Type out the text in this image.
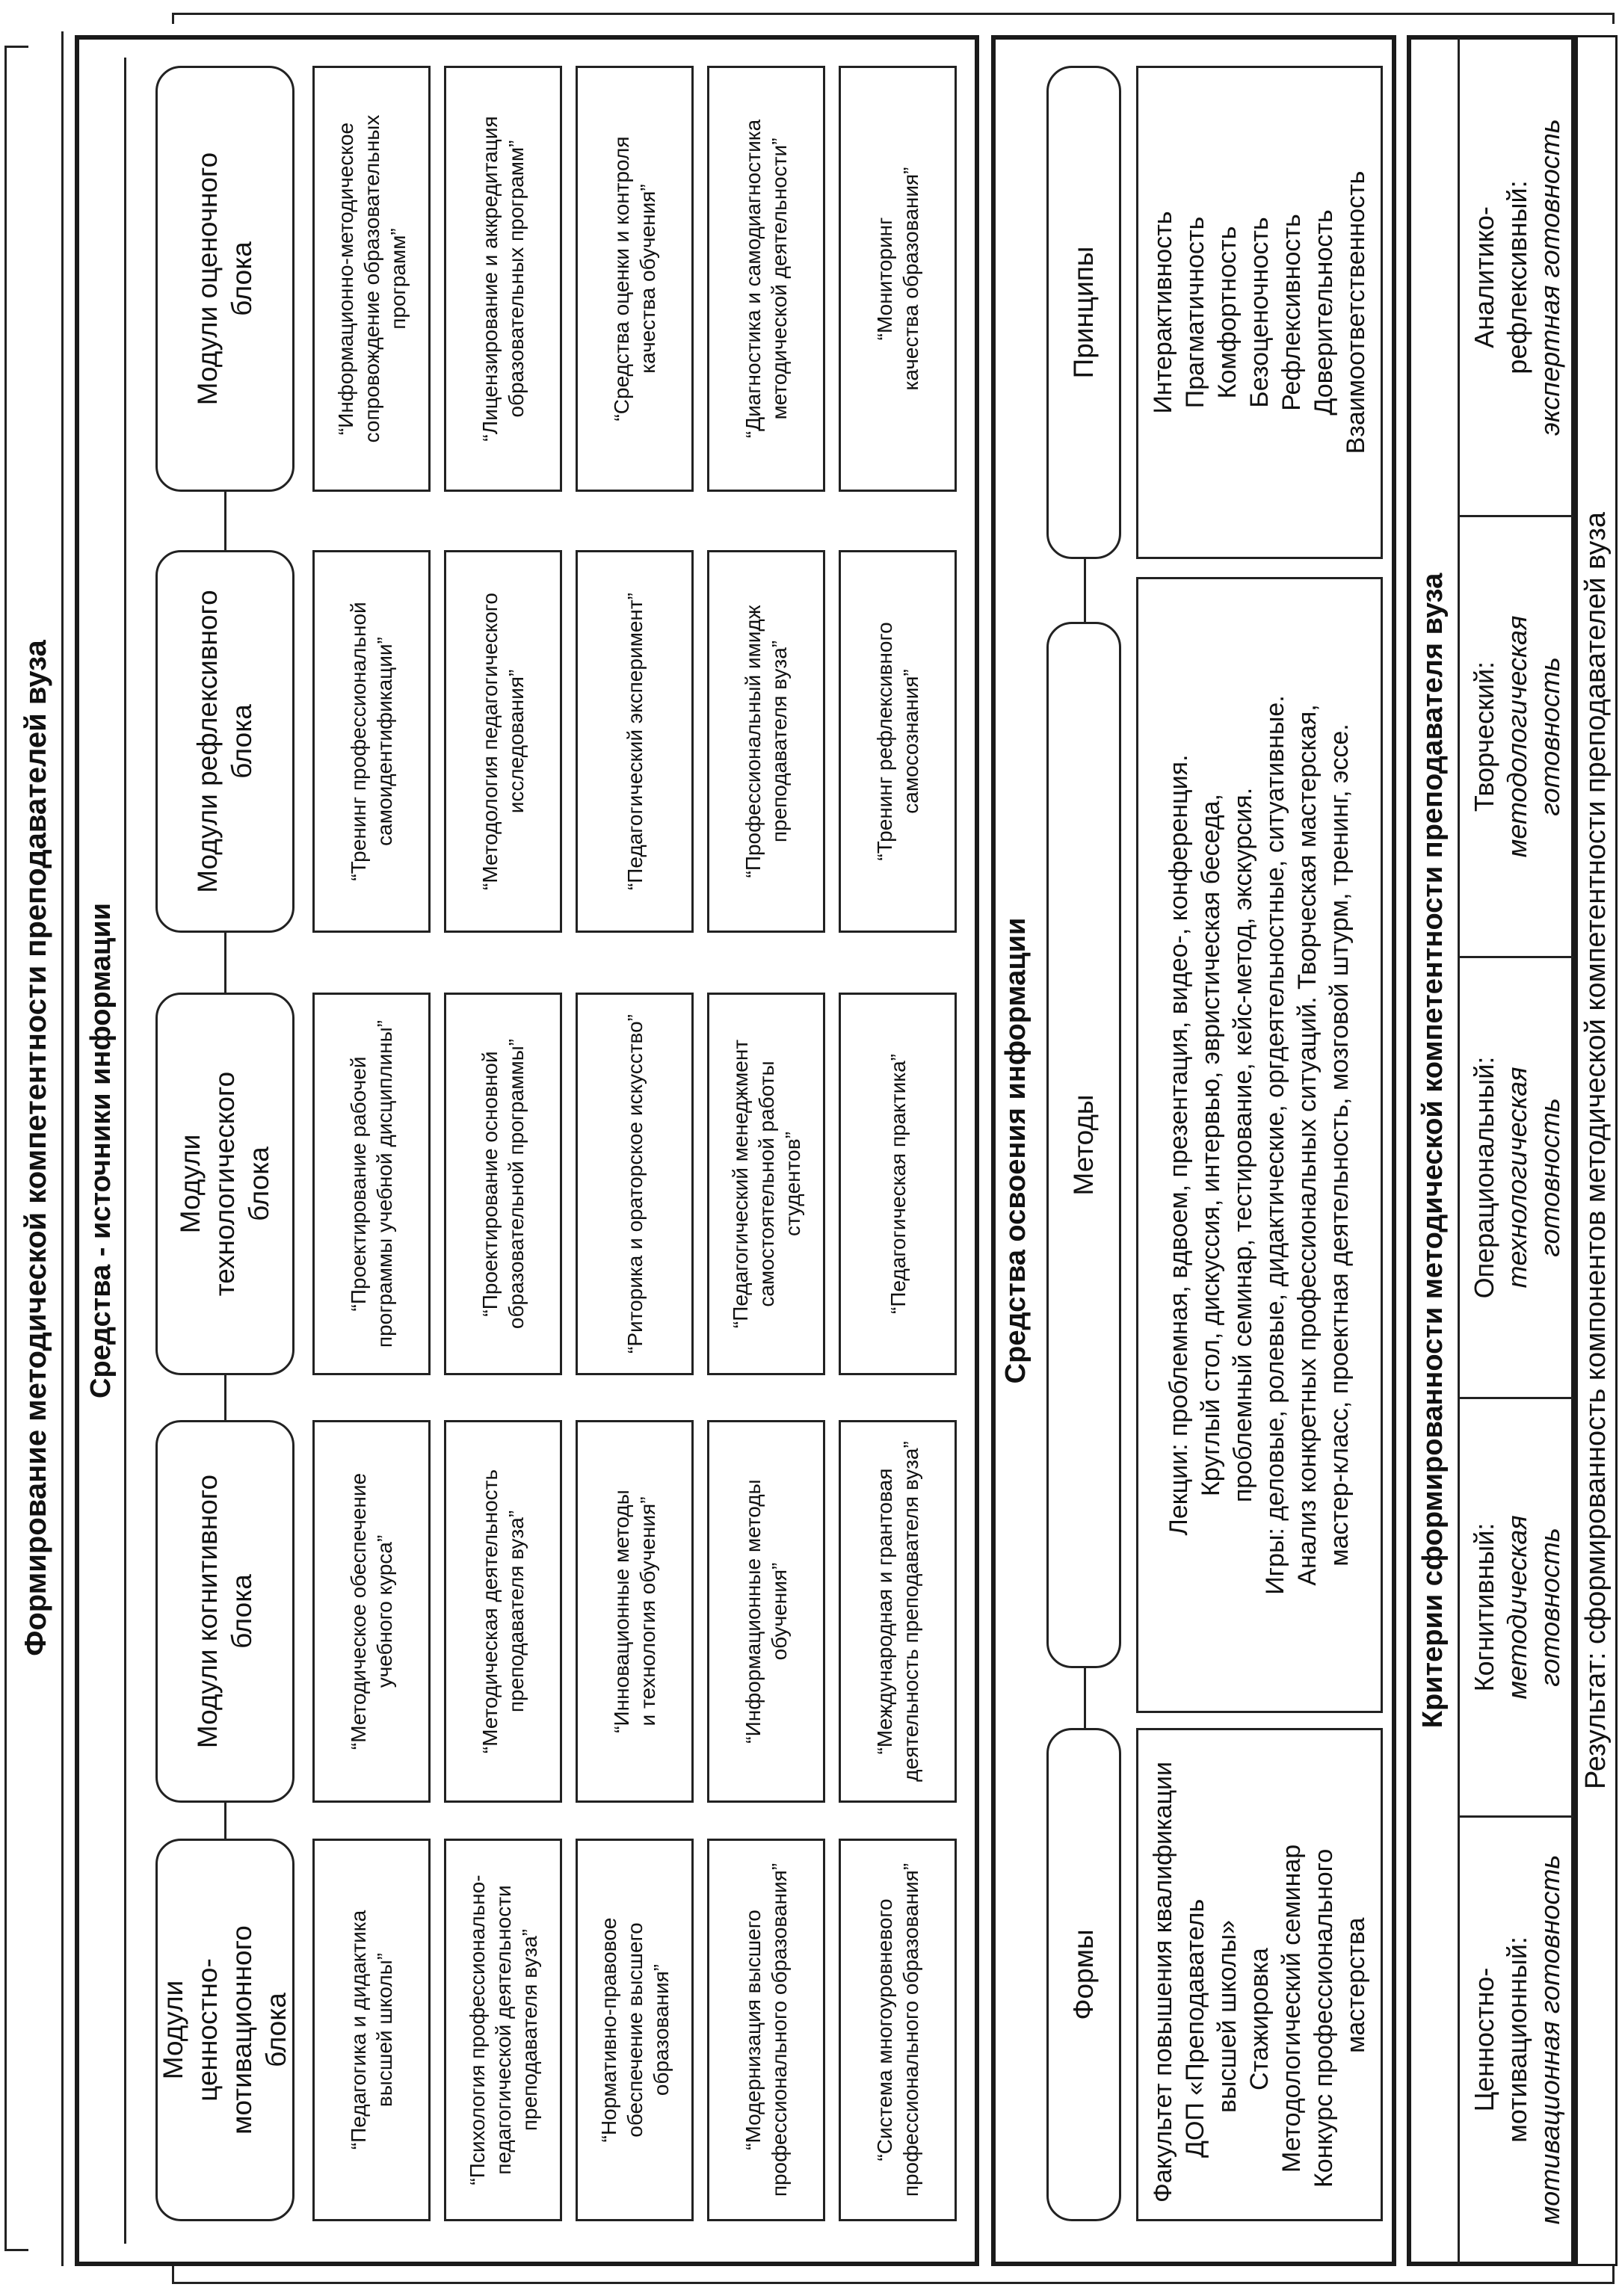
Формирование методической компетентности преподавателей вуза Средства - источники информации
Модули ценностно-мотивационного блока	“Педагогика и дидактика высшей школы”	“Психология профессионально- педагогической деятельности преподавателя вуза”	“Нормативно-правовое обеспечение высшего образования”	“Модернизация высшего профессионального образования”	“Система многоуровневого профессионального образования”
Модули когнитивного блока	“Методическое обеспечение учебного курса”	“Методическая деятельность преподавателя вуза”	“Инновационные методы и технология обучения”	“Информационные методы обучения”	“Международная и грантовая деятельность преподавателя вуза”
Модули технологического блока	“Проектирование рабочей программы учебной дисциплины”	“Проектирование основной образовательной программы”	“Риторика и ораторское искусство”	“Педагогический менеджмент самостоятельной работы студентов”	“Педагогическая практика”
Модули рефлексивного блока	“Тренинг профессиональной самоидентификации”	“Методология педагогического исследования”	“Педагогический эксперимент”	“Профессиональный имидж преподавателя вуза”	“Тренинг рефлексивного самосознания”
Модули оценочного блока	“Информационно-методическое сопровождение образовательных программ”	“Лицензирование и аккредитация образовательных программ”	“Средства оценки и контроля качества обучения”	“Диагностика и самодиагностика методической деятельности”	“Мониторинг качества образования”
Средства освоения информации
Формы
Методы
Принципы
Факультет повышения квалификации ДОП «Преподаватель высшей школы» Стажировка Методологический семинар Конкурс профессионального мастерства
Лекции: проблемная, вдвоем, презентация, видео-, конференция. Круглый стол, дискуссия, интервью, эвристическая беседа, проблемный семинар, тестирование, кейс-метод, экскурсия. Игры: деловые, ролевые, дидактические, оргдеятельностные, ситуативные. Анализ конкретных профессиональных ситуаций. Творческая мастерская, мастер-класс, проектная деятельность, мозговой штурм, тренинг, эссе.
Интерактивность Прагматичность Комфортность Безоценочность Рефлексивность Доверительность Взаимоответственность
Критерии сформированности методической компетентности преподавателя вуза
Ценностно- мотивационный: мотивационная готовность
Когнитивный: методическая готовность
Операциональный: технологическая готовность
Творческий: методологическая готовность
Аналитико- рефлексивный: экспертная готовность
Результат: сформированность компонентов методической компетентности преподавателей вуза
